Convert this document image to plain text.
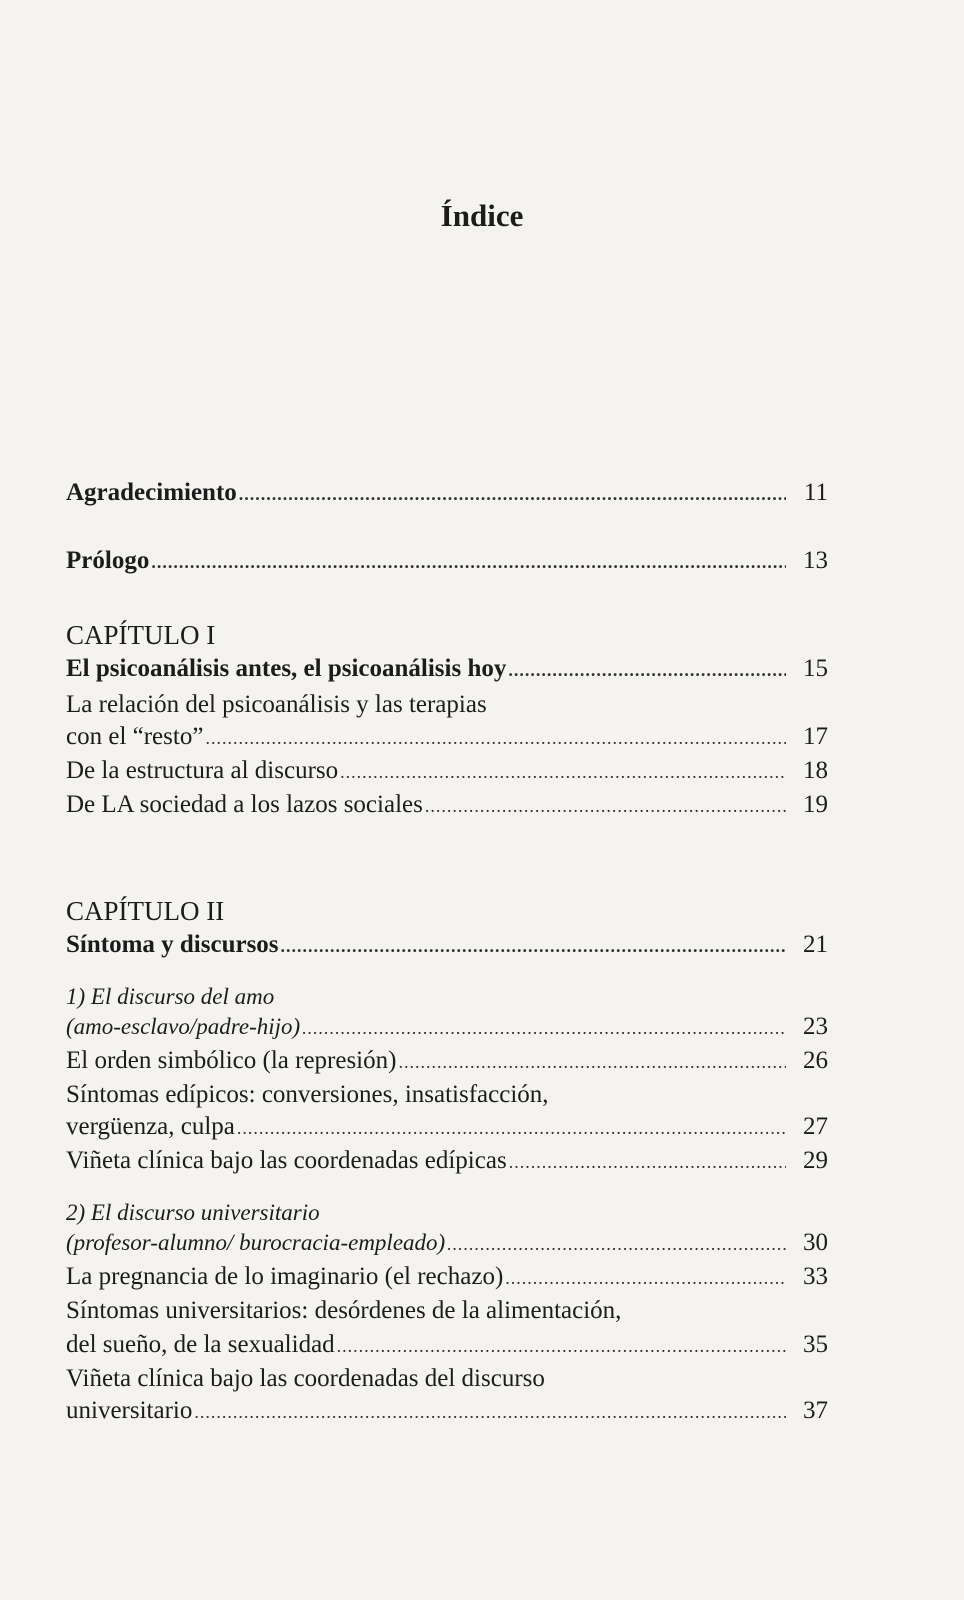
Índice
Agradecimiento .....	11
Prólogo .....	13
CAPÍTULO I
El psicoanálisis antes, el psicoanálisis hoy .....	15
La relación del psicoanálisis y las terapias
con el “resto” .....	17
De la estructura al discurso .....	18
De LA sociedad a los lazos sociales .....	19
CAPÍTULO II
Síntoma y discursos .....	21
1) El discurso del amo
(amo-esclavo/padre-hijo) .....	23
El orden simbólico (la represión) .....	26
Síntomas edípicos: conversiones, insatisfacción,
vergüenza, culpa .....	27
Viñeta clínica bajo las coordenadas edípicas .....	29
2) El discurso universitario
(profesor-alumno/ burocracia-empleado) .....	30
La pregnancia de lo imaginario (el rechazo) .....	33
Síntomas universitarios: desórdenes de la alimentación,
del sueño, de la sexualidad .....	35
Viñeta clínica bajo las coordenadas del discurso
universitario .....	37
